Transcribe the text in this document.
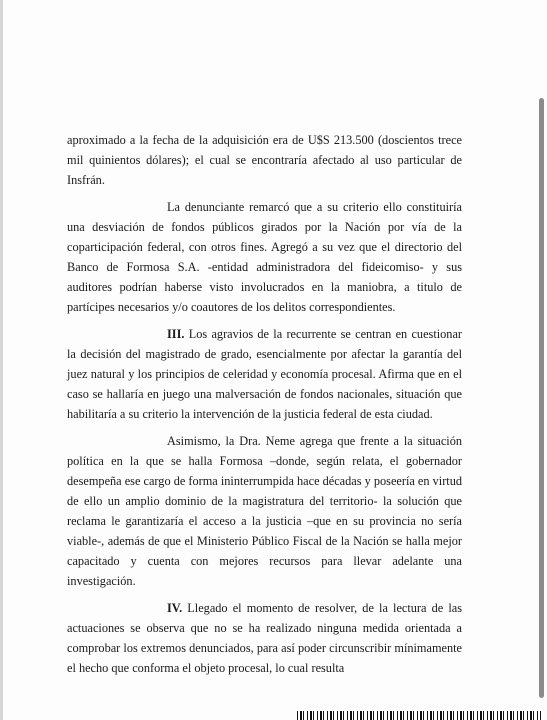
aproximado a la fecha de la adquisición era de U$S 213.500 (doscientos trece mil quinientos dólares); el cual se encontraría afectado al uso particular de Insfrán.

La denunciante remarcó que a su criterio ello constituiría una desviación de fondos públicos girados por la Nación por vía de la coparticipación federal, con otros fines. Agregó a su vez que el directorio del Banco de Formosa S.A. -entidad administradora del fideicomiso- y sus auditores podrían haberse visto involucrados en la maniobra, a titulo de partícipes necesarios y/o coautores de los delitos correspondientes.

III. Los agravios de la recurrente se centran en cuestionar la decisión del magistrado de grado, esencialmente por afectar la garantía del juez natural y los principios de celeridad y economía procesal. Afirma que en el caso se hallaría en juego una malversación de fondos nacionales, situación que habilitaría a su criterio la intervención de la justicia federal de esta ciudad.

Asimismo, la Dra. Neme agrega que frente a la situación política en la que se halla Formosa –donde, según relata, el gobernador desempeña ese cargo de forma ininterrumpida hace décadas y poseería en virtud de ello un amplio dominio de la magistratura del territorio- la solución que reclama le garantizaría el acceso a la justicia –que en su provincia no sería viable-, además de que el Ministerio Público Fiscal de la Nación se halla mejor capacitado y cuenta con mejores recursos para llevar adelante una investigación.

IV. Llegado el momento de resolver, de la lectura de las actuaciones se observa que no se ha realizado ninguna medida orientada a comprobar los extremos denunciados, para así poder circunscribir mínimamente el hecho que conforma el objeto procesal, lo cual resulta
